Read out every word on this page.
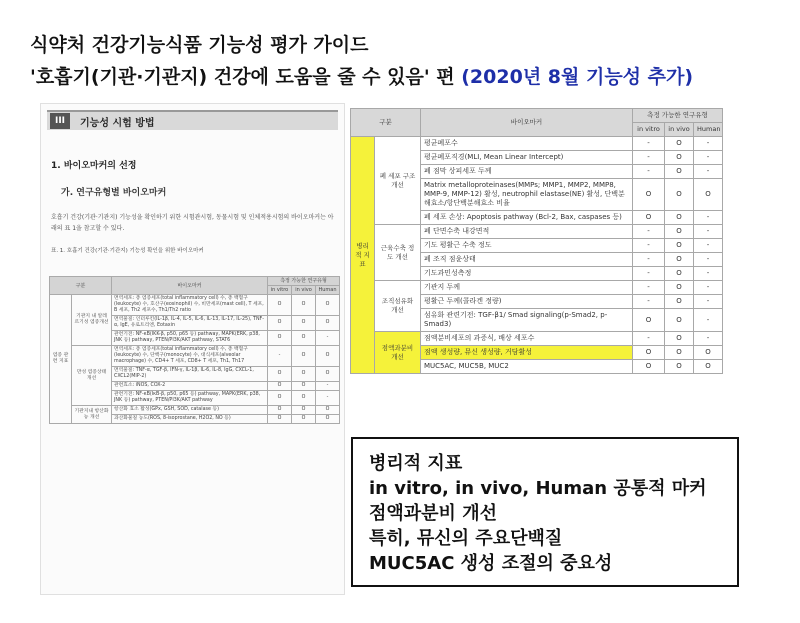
식약처 건강기능식품 기능성 평가 가이드
'호흡기(기관·기관지) 건강에 도움을 줄 수 있음' 편 (2020년 8월 기능성 추가)
III	기능성 시험 방법
1. 바이오마커의 선정
가. 연구유형별 바이오마커
호흡기 건강(기관·기관지) 기능성을 확인하기 위한 시험관시험, 동물시험 및 인체적용시험의 바이오마커는 아래의 표 1을 참고할 수 있다.
표. 1. 호흡기 건강(기관·기관지) 기능성 확인을 위한 바이오마커
구분		바이오마커	측정 가능한 연구유형		
			in vitro	in vivo	Human
염증 관련 지표	기관지 내 알레르기성 염증개선	면역세포: 총 염증세포(total inflammatory cell) 수, 총 백혈구(leukocyte) 수, 호산구(eosinophil) 수, 비만세포(mast cell), T 세포, B 세포, Th2 세포수, Th1/Th2 ratio	O	O	O
		면역물질: 인터루킨(IL-1β, IL-4, IL-5, IL-6, IL-13, IL-17, IL-25), TNF-α, IgE, 유로트리엔, Eotaxin	O	O	O
		관련기전: NF-κB(IKK-β, p50, p65 등) pathway, MAPK(ERK, p38, JNK 등) pathway, PTEN/PI3K/AKT pathway, STAT6	O	O	-
	만성 염증상태 개선	면역세포: 총 염증세포(total inflammatory cell) 수, 총 백혈구(leukocyte) 수, 단핵구(monocyte) 수, 대식세포(alveolar macrophage) 수, CD4+ T 세포, CD8+ T 세포, Th1, Th17	-	O	O
		면역물질: TNF-α, TGF-β, IFN-γ, IL-1β, IL-6, IL-8, IgG, CXCL-1, CXCL2(MIP-2)	O	O	O
		관련효소: iNOS, COX-2	O	O	-
		관련기전: NF-κB(IκB-β, p50, p65 등) pathway, MAPK(ERK, p38, JNK 등) pathway, PTEN/PI3K/AKT pathway	O	O	-
	기관지내 항산화능 개선	항산화 효소 활성(GPx, GSH, SOD, catalase 등)	O	O	O
		과산화물질 농도(ROS, 8-isoprostane, H2O2, NO 등)	O	O	O
구분		바이오마커	측정 가능한 연구유형		
			in vitro	in vivo	Human
병리적 지표	폐 세포 구조 개선	평균폐포수	-	O	-
		평균폐포직경(MLI, Mean Linear Intercept)	-	O	-
		폐 점막 상피세포 두께	-	O	-
		Matrix metalloproteinases(MMPs; MMP1, MMP2, MMP8, MMP-9, MMP-12) 활성, neutrophil elastase(NE) 활성, 단백분해효소/항단백분해효소 비율	O	O	O
		폐 세포 손상: Apoptosis pathway (Bcl-2, Bax, caspases 등)	O	O	-
	근육수축 정도 개선	폐 단면수축 내강면적	-	O	-
		기도 평활근 수축 정도	-	O	-
		폐 조직 점윤상태	-	O	-
		기도과민성측정	-	O	-
	조직섬유화 개선	기관지 두께	-	O	-
		평활근 두께(콜라겐 정량)	-	O	-
		섬유화 관련기전: TGF-β1/ Smad signaling(p-Smad2, p-Smad3)	O	O	-
	점액과분비 개선	점액분비세포의 과증식, 배상 세포수	-	O	-
		점액 생성량, 뮤신 생성량, 거담활성	O	O	O
		MUC5AC, MUC5B, MUC2	O	O	O
병리적 지표
in vitro, in vivo, Human 공통적 마커
점액과분비 개선
특히, 뮤신의 주요단백질
MUC5AC 생성 조절의 중요성
